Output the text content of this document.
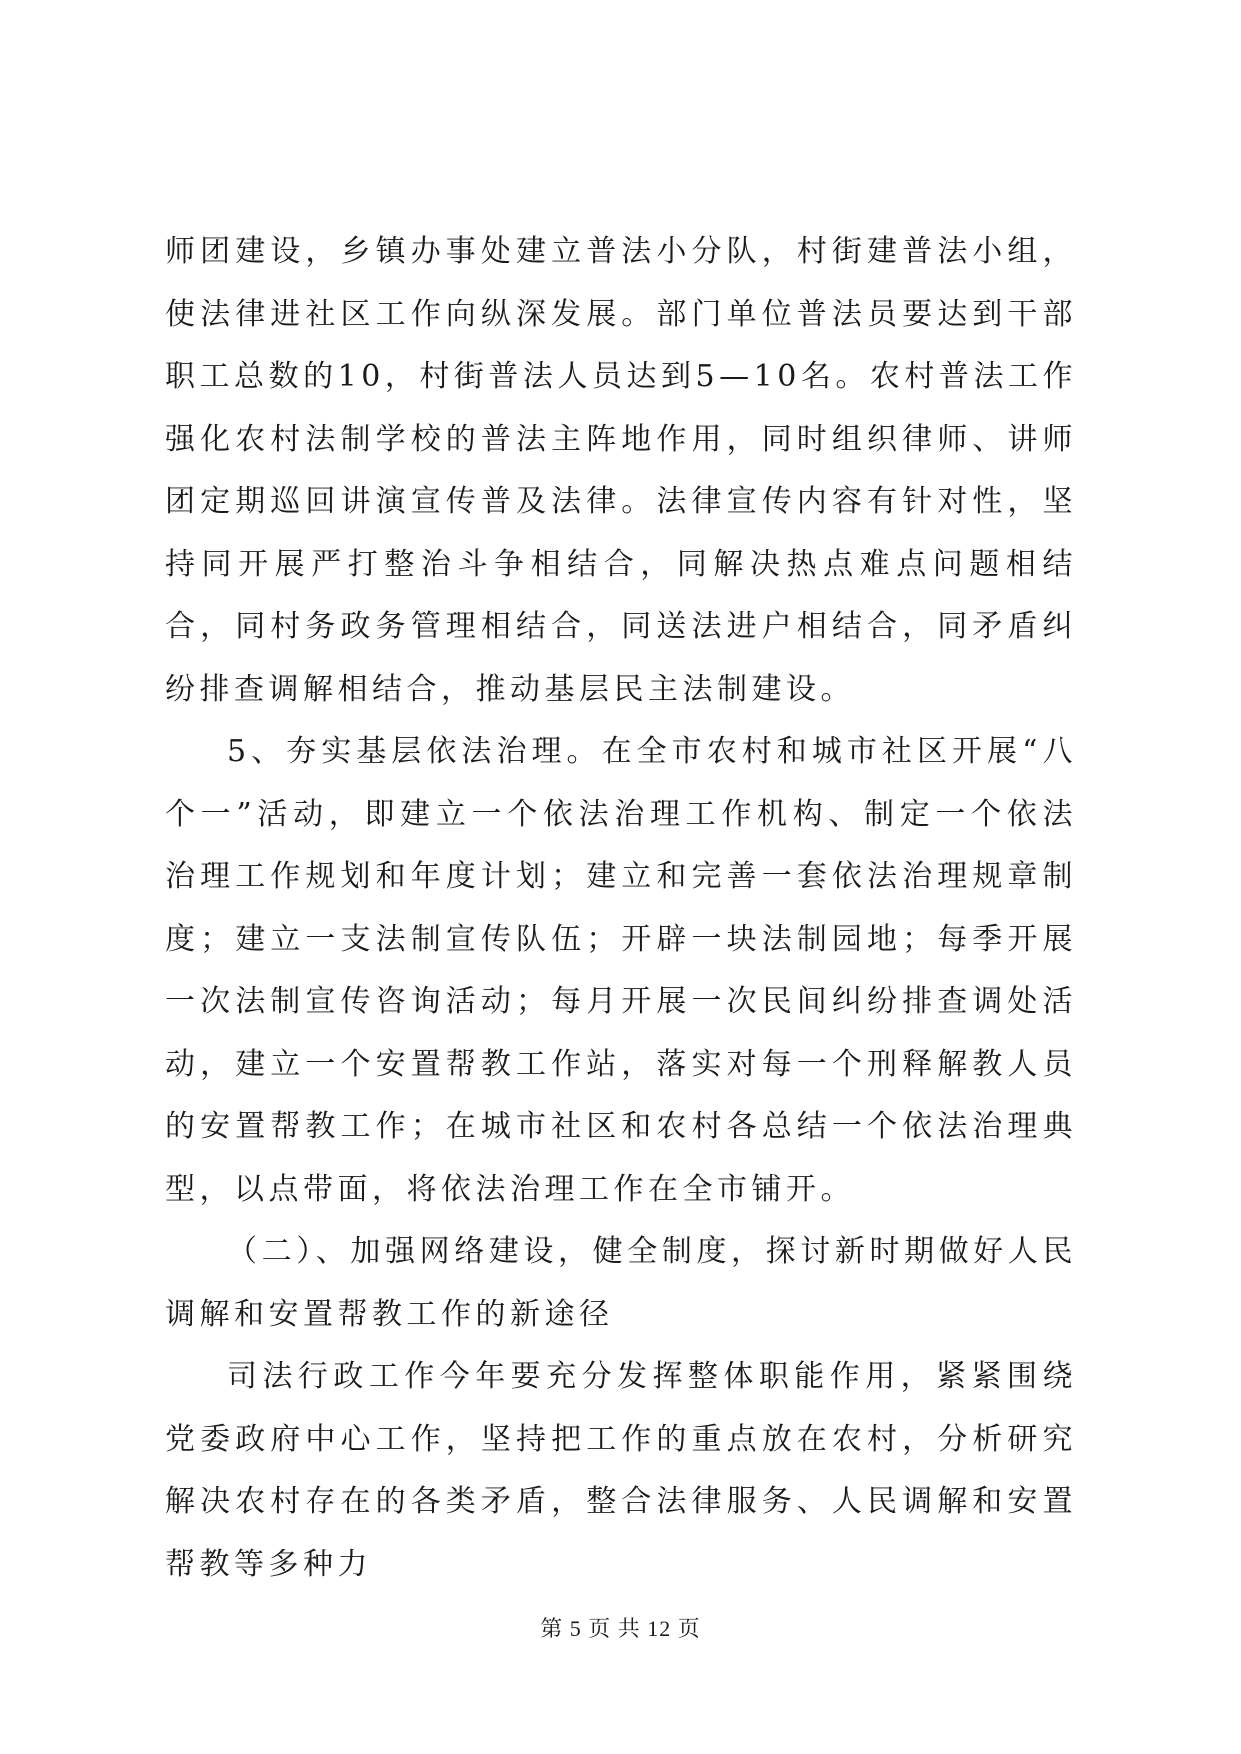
师团建设，乡镇办事处建立普法小分队，村街建普法小组，使法律进社区工作向纵深发展。部门单位普法员要达到干部职工总数的10，村街普法人员达到5—10名。农村普法工作强化农村法制学校的普法主阵地作用，同时组织律师、讲师团定期巡回讲演宣传普及法律。法律宣传内容有针对性，坚持同开展严打整治斗争相结合，同解决热点难点问题相结合，同村务政务管理相结合，同送法进户相结合，同矛盾纠纷排查调解相结合，推动基层民主法制建设。

5、夯实基层依法治理。在全市农村和城市社区开展“八个一”活动，即建立一个依法治理工作机构、制定一个依法治理工作规划和年度计划；建立和完善一套依法治理规章制度；建立一支法制宣传队伍；开辟一块法制园地；每季开展一次法制宣传咨询活动；每月开展一次民间纠纷排查调处活动，建立一个安置帮教工作站，落实对每一个刑释解教人员的安置帮教工作；在城市社区和农村各总结一个依法治理典型，以点带面，将依法治理工作在全市铺开。

（二）、加强网络建设，健全制度，探讨新时期做好人民调解和安置帮教工作的新途径

司法行政工作今年要充分发挥整体职能作用，紧紧围绕党委政府中心工作，坚持把工作的重点放在农村，分析研究解决农村存在的各类矛盾，整合法律服务、人民调解和安置帮教等多种力

第 5 页 共 12 页
